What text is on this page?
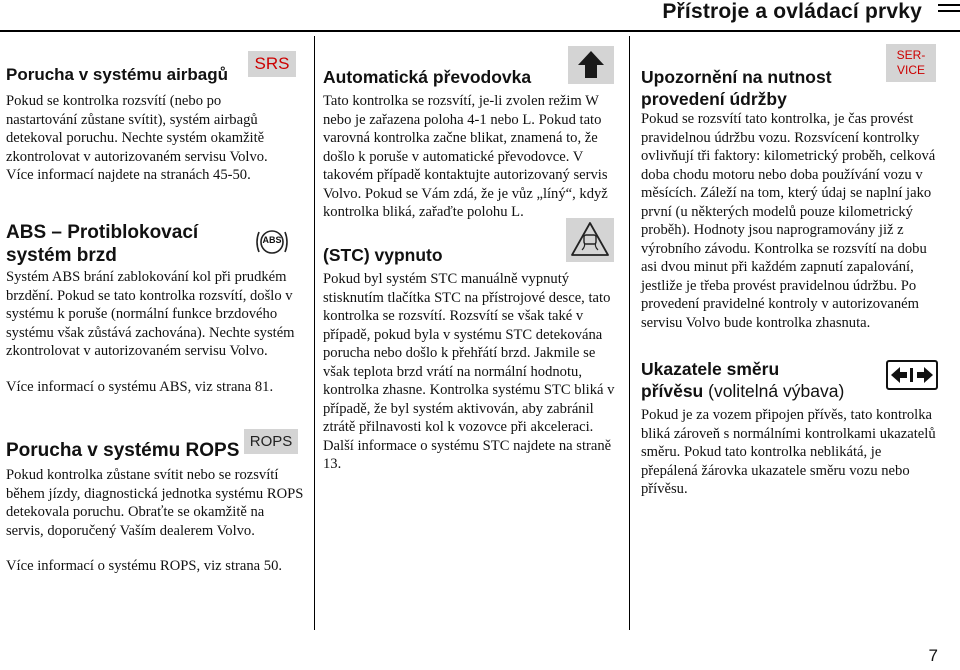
Přístroje a ovládací prvky
Porucha v systému airbagů
SRS

Pokud se kontrolka rozsvítí (nebo po nastartování zůstane svítit), systém airbagů detekoval poruchu. Nechte systém okamžitě zkontrolovat v autorizovaném servisu Volvo. Více informací najdete na stranách 45-50.

ABS – Protiblokovací
systém brzd
ABS

Systém ABS brání zablokování kol při prudkém brzdění. Pokud se tato kontrolka rozsvítí, došlo v systému k poruše (normální funkce brzdového systému však zůstává zachována). Nechte systém zkontrolovat v autorizovaném servisu Volvo.

Více informací o systému ABS, viz strana 81.

Porucha v systému ROPS ROPS

Pokud kontrolka zůstane svítit nebo se rozsvítí během jízdy, diagnostická jednotka systému ROPS detekovala poruchu. Obraťte se okamžitě na servis, doporučený Vaším dealerem Volvo.

Více informací o systému ROPS, viz strana 50.

Automatická převodovka

Tato kontrolka se rozsvítí, je-li zvolen režim W nebo je zařazena poloha 4-1 nebo L. Pokud tato varovná kontrolka začne blikat, znamená to, že došlo k poruše v automatické převodovce. V takovém případě kontaktujte autorizovaný servis Volvo. Pokud se Vám zdá, že je vůz „líný“, když kontrolka bliká, zařaďte polohu L.

(STC) vypnuto

Pokud byl systém STC manuálně vypnutý stisknutím tlačítka STC na přístrojové desce, tato kontrolka se rozsvítí. Rozsvítí se však také v případě, pokud byla v systému STC detekována porucha nebo došlo k přehřátí brzd. Jakmile se však teplota brzd vrátí na normální hodnotu, kontrolka zhasne. Kontrolka systému STC bliká v případě, že byl systém aktivován, aby zabránil ztrátě přilnavosti kol k vozovce při akceleraci. Další informace o systému STC najdete na straně 13.

Upozornění na nutnost
provedení údržby
SER-
VICE

Pokud se rozsvítí tato kontrolka, je čas provést pravidelnou údržbu vozu. Rozsvícení kontrolky ovlivňují tři faktory: kilometrický proběh, celková doba chodu motoru nebo doba používání vozu v měsících. Záleží na tom, který údaj se naplní jako první (u některých modelů pouze kilometrický proběh). Hodnoty jsou naprogramovány již z výrobního závodu. Kontrolka se rozsvítí na dobu asi dvou minut při každém zapnutí zapalování, jestliže je třeba provést pravidelnou údržbu. Po provedení pravidelné kontroly v autorizovaném servisu Volvo bude kontrolka zhasnuta.

Ukazatele směru
přívěsu (volitelná výbava)

Pokud je za vozem připojen přívěs, tato kontrolka bliká zároveň s normálními kontrolkami ukazatelů směru. Pokud tato kontrolka neblikátá, je přepálená žárovka ukazatele směru vozu nebo přívěsu.

7
